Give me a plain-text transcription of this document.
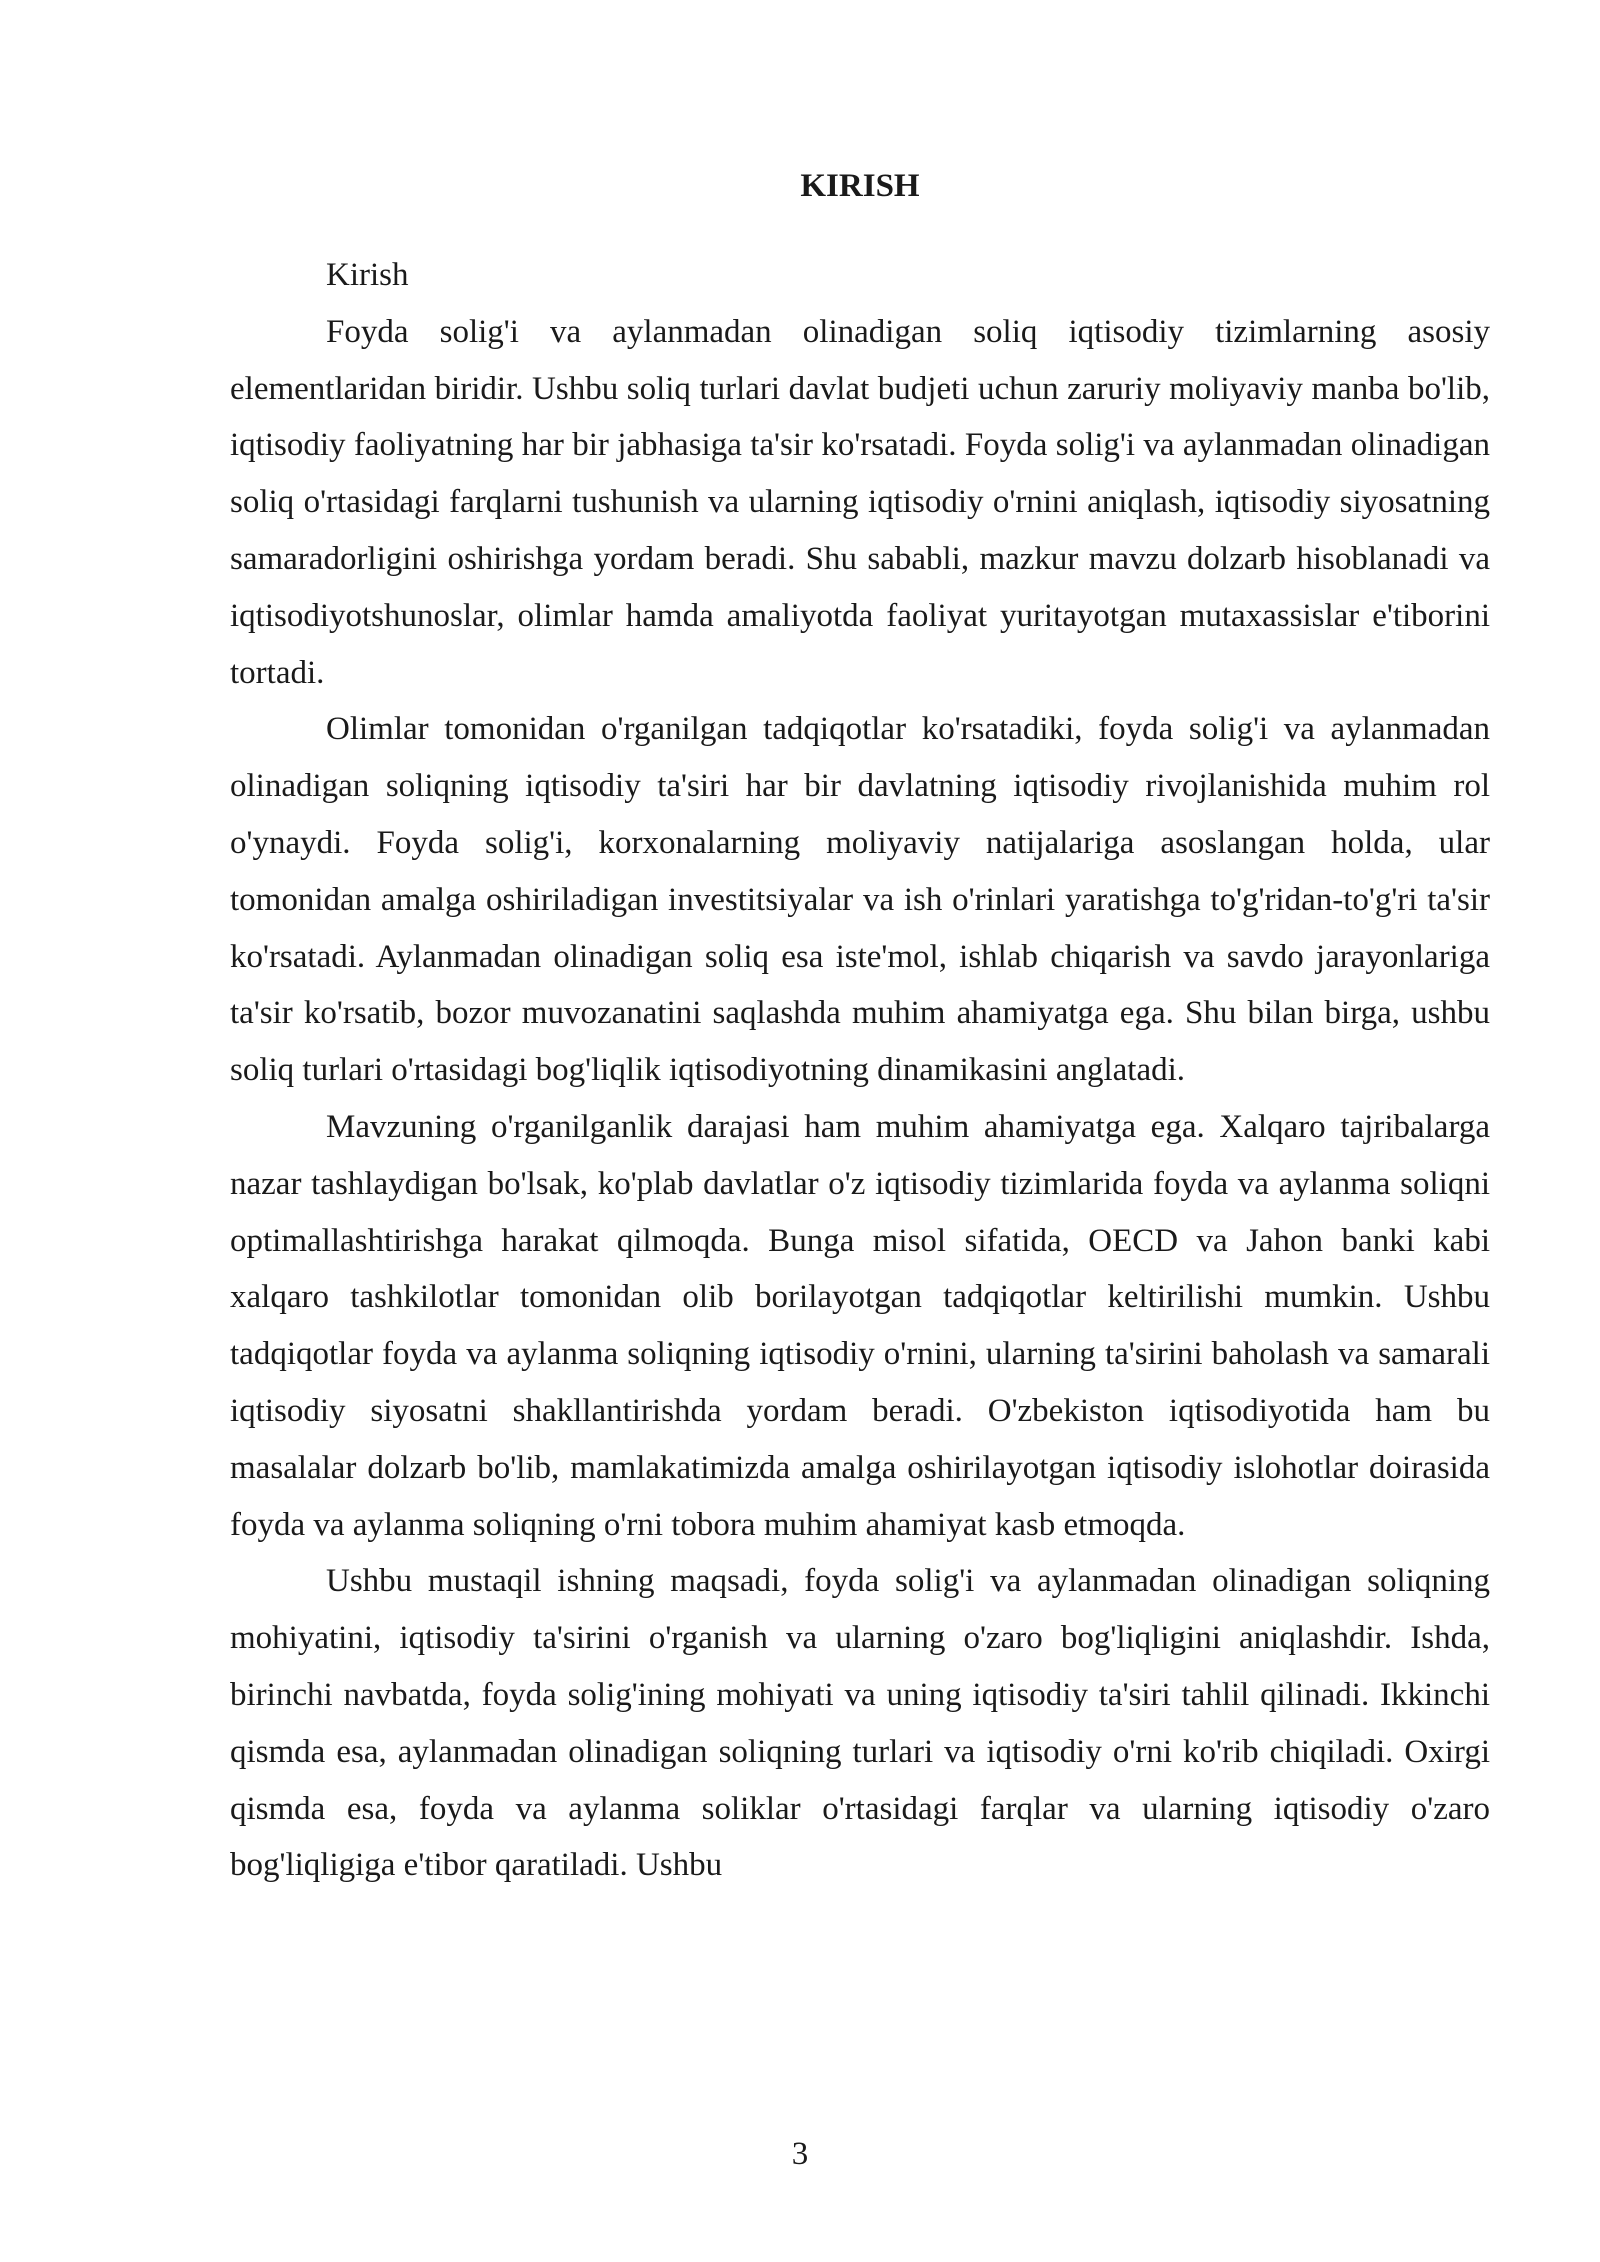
KIRISH

Kirish

Foyda solig'i va aylanmadan olinadigan soliq iqtisodiy tizimlarning asosiy elementlaridan biridir. Ushbu soliq turlari davlat budjeti uchun zaruriy moliyaviy manba bo'lib, iqtisodiy faoliyatning har bir jabhasiga ta'sir ko'rsatadi. Foyda solig'i va aylanmadan olinadigan soliq o'rtasidagi farqlarni tushunish va ularning iqtisodiy o'rnini aniqlash, iqtisodiy siyosatning samaradorligini oshirishga yordam beradi. Shu sababli, mazkur mavzu dolzarb hisoblanadi va iqtisodiyotshunoslar, olimlar hamda amaliyotda faoliyat yuritayotgan mutaxassislar e'tiborini tortadi.

Olimlar tomonidan o'rganilgan tadqiqotlar ko'rsatadiki, foyda solig'i va aylanmadan olinadigan soliqning iqtisodiy ta'siri har bir davlatning iqtisodiy rivojlanishida muhim rol o'ynaydi. Foyda solig'i, korxonalarning moliyaviy natijalariga asoslangan holda, ular tomonidan amalga oshiriladigan investitsiyalar va ish o'rinlari yaratishga to'g'ridan-to'g'ri ta'sir ko'rsatadi. Aylanmadan olinadigan soliq esa iste'mol, ishlab chiqarish va savdo jarayonlariga ta'sir ko'rsatib, bozor muvozanatini saqlashda muhim ahamiyatga ega. Shu bilan birga, ushbu soliq turlari o'rtasidagi bog'liqlik iqtisodiyotning dinamikasini anglatadi.

Mavzuning o'rganilganlik darajasi ham muhim ahamiyatga ega. Xalqaro tajribalarga nazar tashlaydigan bo'lsak, ko'plab davlatlar o'z iqtisodiy tizimlarida foyda va aylanma soliqni optimallashtirishga harakat qilmoqda. Bunga misol sifatida, OECD va Jahon banki kabi xalqaro tashkilotlar tomonidan olib borilayotgan tadqiqotlar keltirilishi mumkin. Ushbu tadqiqotlar foyda va aylanma soliqning iqtisodiy o'rnini, ularning ta'sirini baholash va samarali iqtisodiy siyosatni shakllantirishda yordam beradi. O'zbekiston iqtisodiyotida ham bu masalalar dolzarb bo'lib, mamlakatimizda amalga oshirilayotgan iqtisodiy islohotlar doirasida foyda va aylanma soliqning o'rni tobora muhim ahamiyat kasb etmoqda.

Ushbu mustaqil ishning maqsadi, foyda solig'i va aylanmadan olinadigan soliqning mohiyatini, iqtisodiy ta'sirini o'rganish va ularning o'zaro bog'liqligini aniqlashdir. Ishda, birinchi navbatda, foyda solig'ining mohiyati va uning iqtisodiy ta'siri tahlil qilinadi. Ikkinchi qismda esa, aylanmadan olinadigan soliqning turlari va iqtisodiy o'rni ko'rib chiqiladi. Oxirgi qismda esa, foyda va aylanma soliklar o'rtasidagi farqlar va ularning iqtisodiy o'zaro bog'liqligiga e'tibor qaratiladi. Ushbu

3
